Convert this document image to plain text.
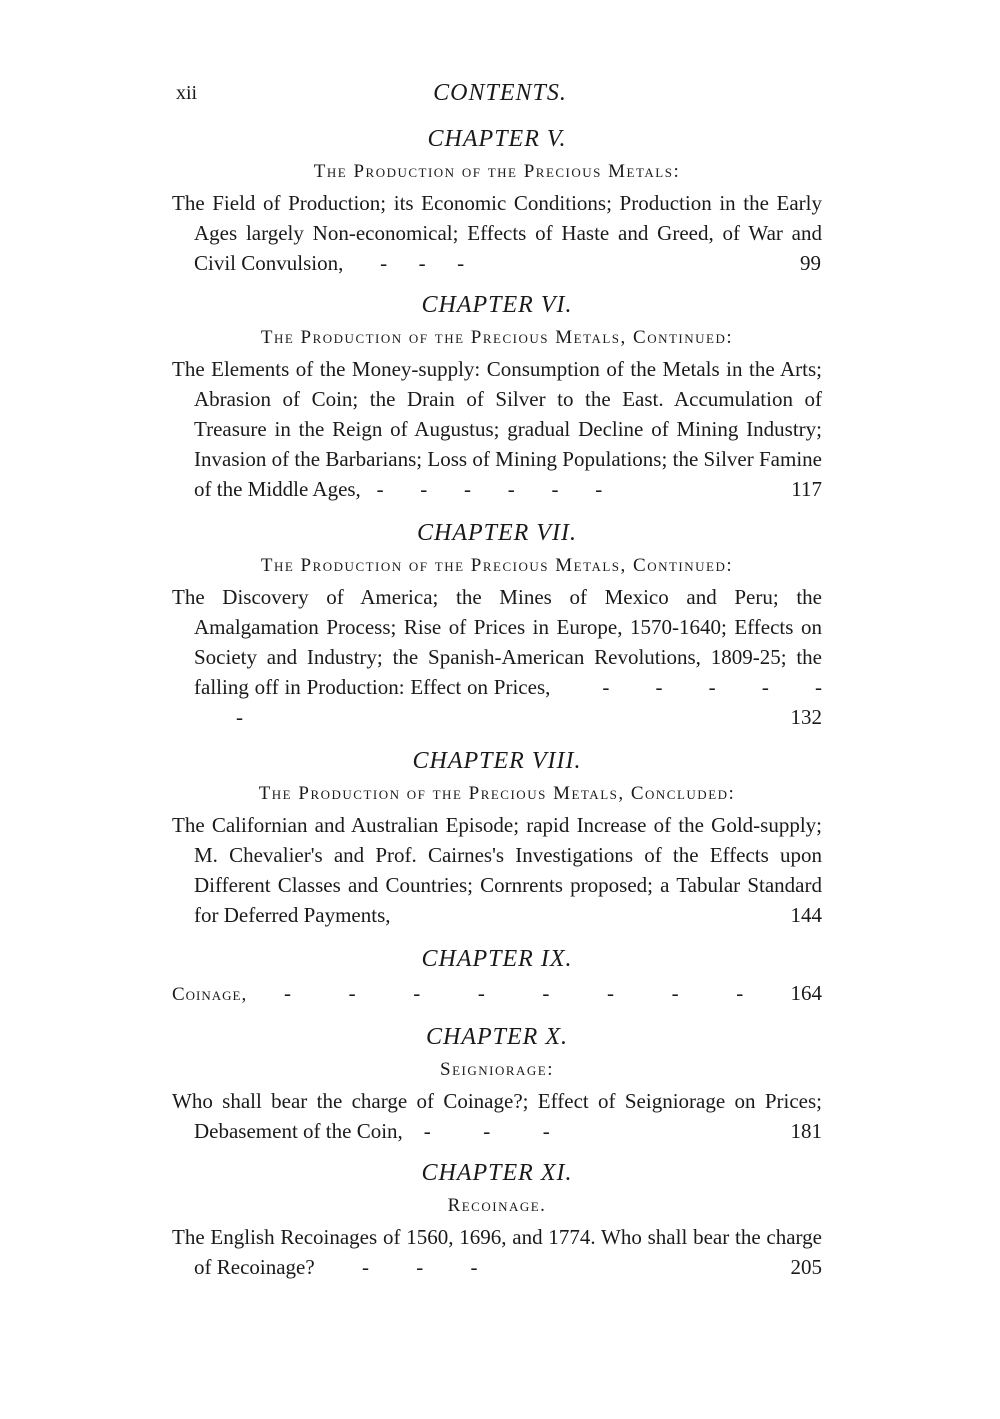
xii	CONTENTS.
CHAPTER V.
The Production of the Precious Metals:
The Field of Production; its Economic Conditions; Production in the Early Ages largely Non-economical; Effects of Haste and Greed, of War and Civil Convulsion,       -      -      -	99
CHAPTER VI.
The Production of the Precious Metals, Continued:
The Elements of the Money-supply: Consumption of the Metals in the Arts; Abrasion of Coin; the Drain of Silver to the East. Accumulation of Treasure in the Reign of Augustus; gradual Decline of Mining Industry; Invasion of the Barbarians; Loss of Mining Populations; the Silver Famine of the Middle Ages,   -       -       -       -       -       -	117
CHAPTER VII.
The Production of the Precious Metals, Continued:
The Discovery of America; the Mines of Mexico and Peru; the Amalgamation Process; Rise of Prices in Europe, 1570-1640; Effects on Society and Industry; the Spanish-American Revolutions, 1809-25; the falling off in Production: Effect on Prices,         -        -        -        -        -        -	132
CHAPTER VIII.
The Production of the Precious Metals, Concluded:
The Californian and Australian Episode; rapid Increase of the Gold-supply; M. Chevalier's and Prof. Cairnes's Investigations of the Effects upon Different Classes and Countries; Cornrents proposed; a Tabular Standard for Deferred Payments,	144
CHAPTER IX.
Coinage, -	-	-	-	-	-	-	-	164
CHAPTER X.
Seigniorage:
Who shall bear the charge of Coinage?; Effect of Seigniorage on Prices; Debasement of the Coin,    -          -          -	181
CHAPTER XI.
Recoinage.
The English Recoinages of 1560, 1696, and 1774. Who shall bear the charge of Recoinage?         -         -         -	205
